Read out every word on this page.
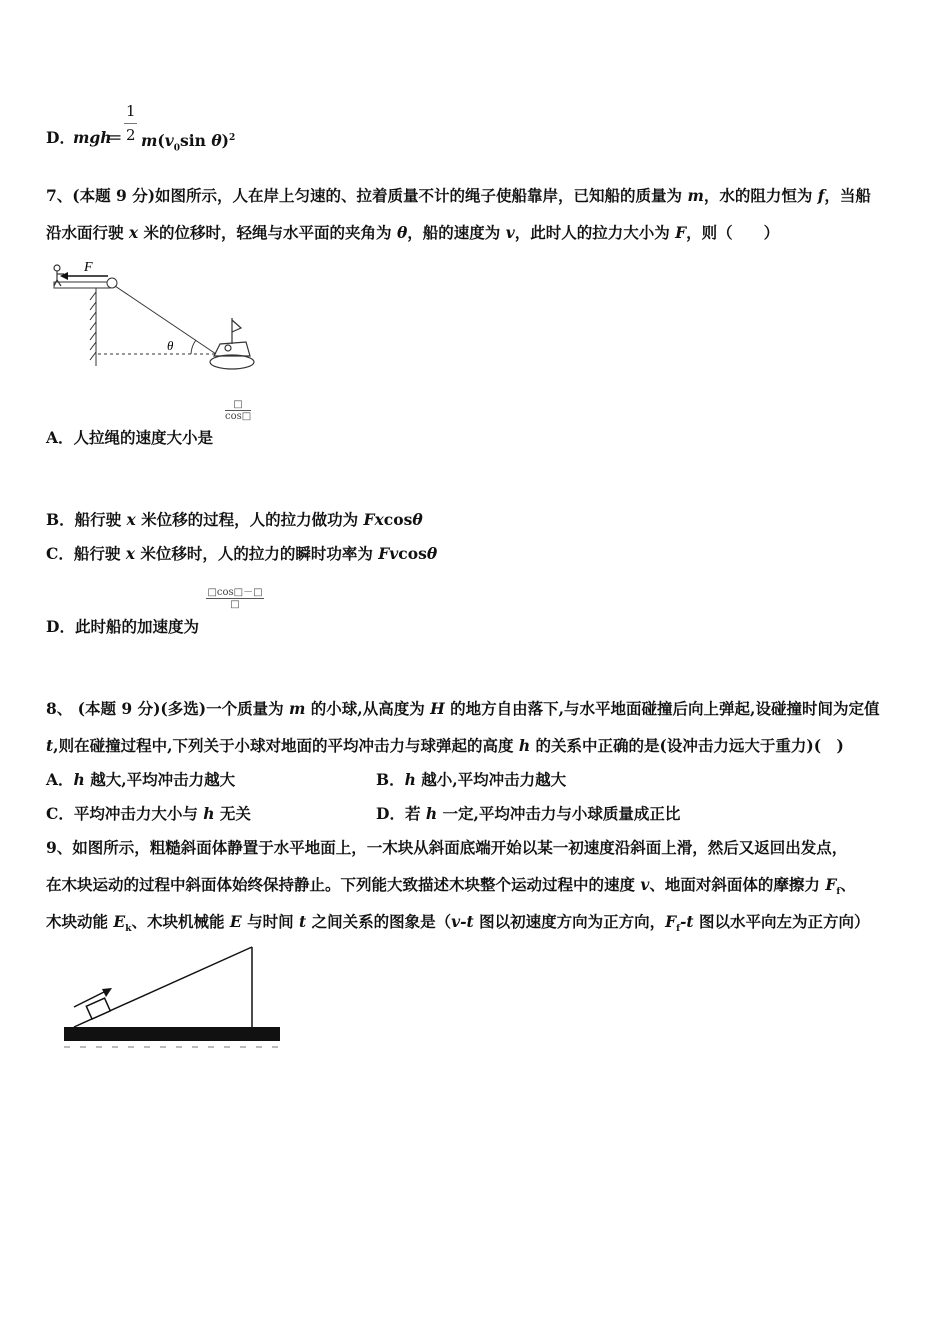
D．
mgh
＝
1
2 $m(v_0\sin$ θ)$^2$
7、(本题 9 分)如图所示，人在岸上匀速的、拉着质量不计的绳子使船靠岸，已知船的质量为 m，水的阻力恒为 f，当船
沿水面行驶 x 米的位移时，轻绳与水平面的夹角为 θ，船的速度为 v，此时人的拉力大小为 F，则（　　）
F
θ
□
cos□
A．人拉绳的速度大小是
B．船行驶 x 米位移的过程，人的拉力做功为 Fxcosθ
C．船行驶 x 米位移时，人的拉力的瞬时功率为 Fvcosθ
□cos□－□
□
D．此时船的加速度为
8、 (本题 9 分)(多选)一个质量为 m 的小球,从高度为 H 的地方自由落下,与水平地面碰撞后向上弹起,设碰撞时间为定值
t,则在碰撞过程中,下列关于小球对地面的平均冲击力与球弹起的高度 h 的关系中正确的是(设冲击力远大于重力)(　)
A．h 越大,平均冲击力越大	B．h 越小,平均冲击力越大
C．平均冲击力大小与 h 无关	D．若 h 一定,平均冲击力与小球质量成正比
9、如图所示，粗糙斜面体静置于水平地面上，一木块从斜面底端开始以某一初速度沿斜面上滑，然后又返回出发点，
在木块运动的过程中斜面体始终保持静止。下列能大致描述木块整个运动过程中的速度 v、地面对斜面体的摩擦力 $F_f$、
木块动能 $E_k$、木块机械能 E 与时间 t 之间关系的图象是（v-t 图以初速度方向为正方向，$F_f-t$ 图以水平向左为正方向）
